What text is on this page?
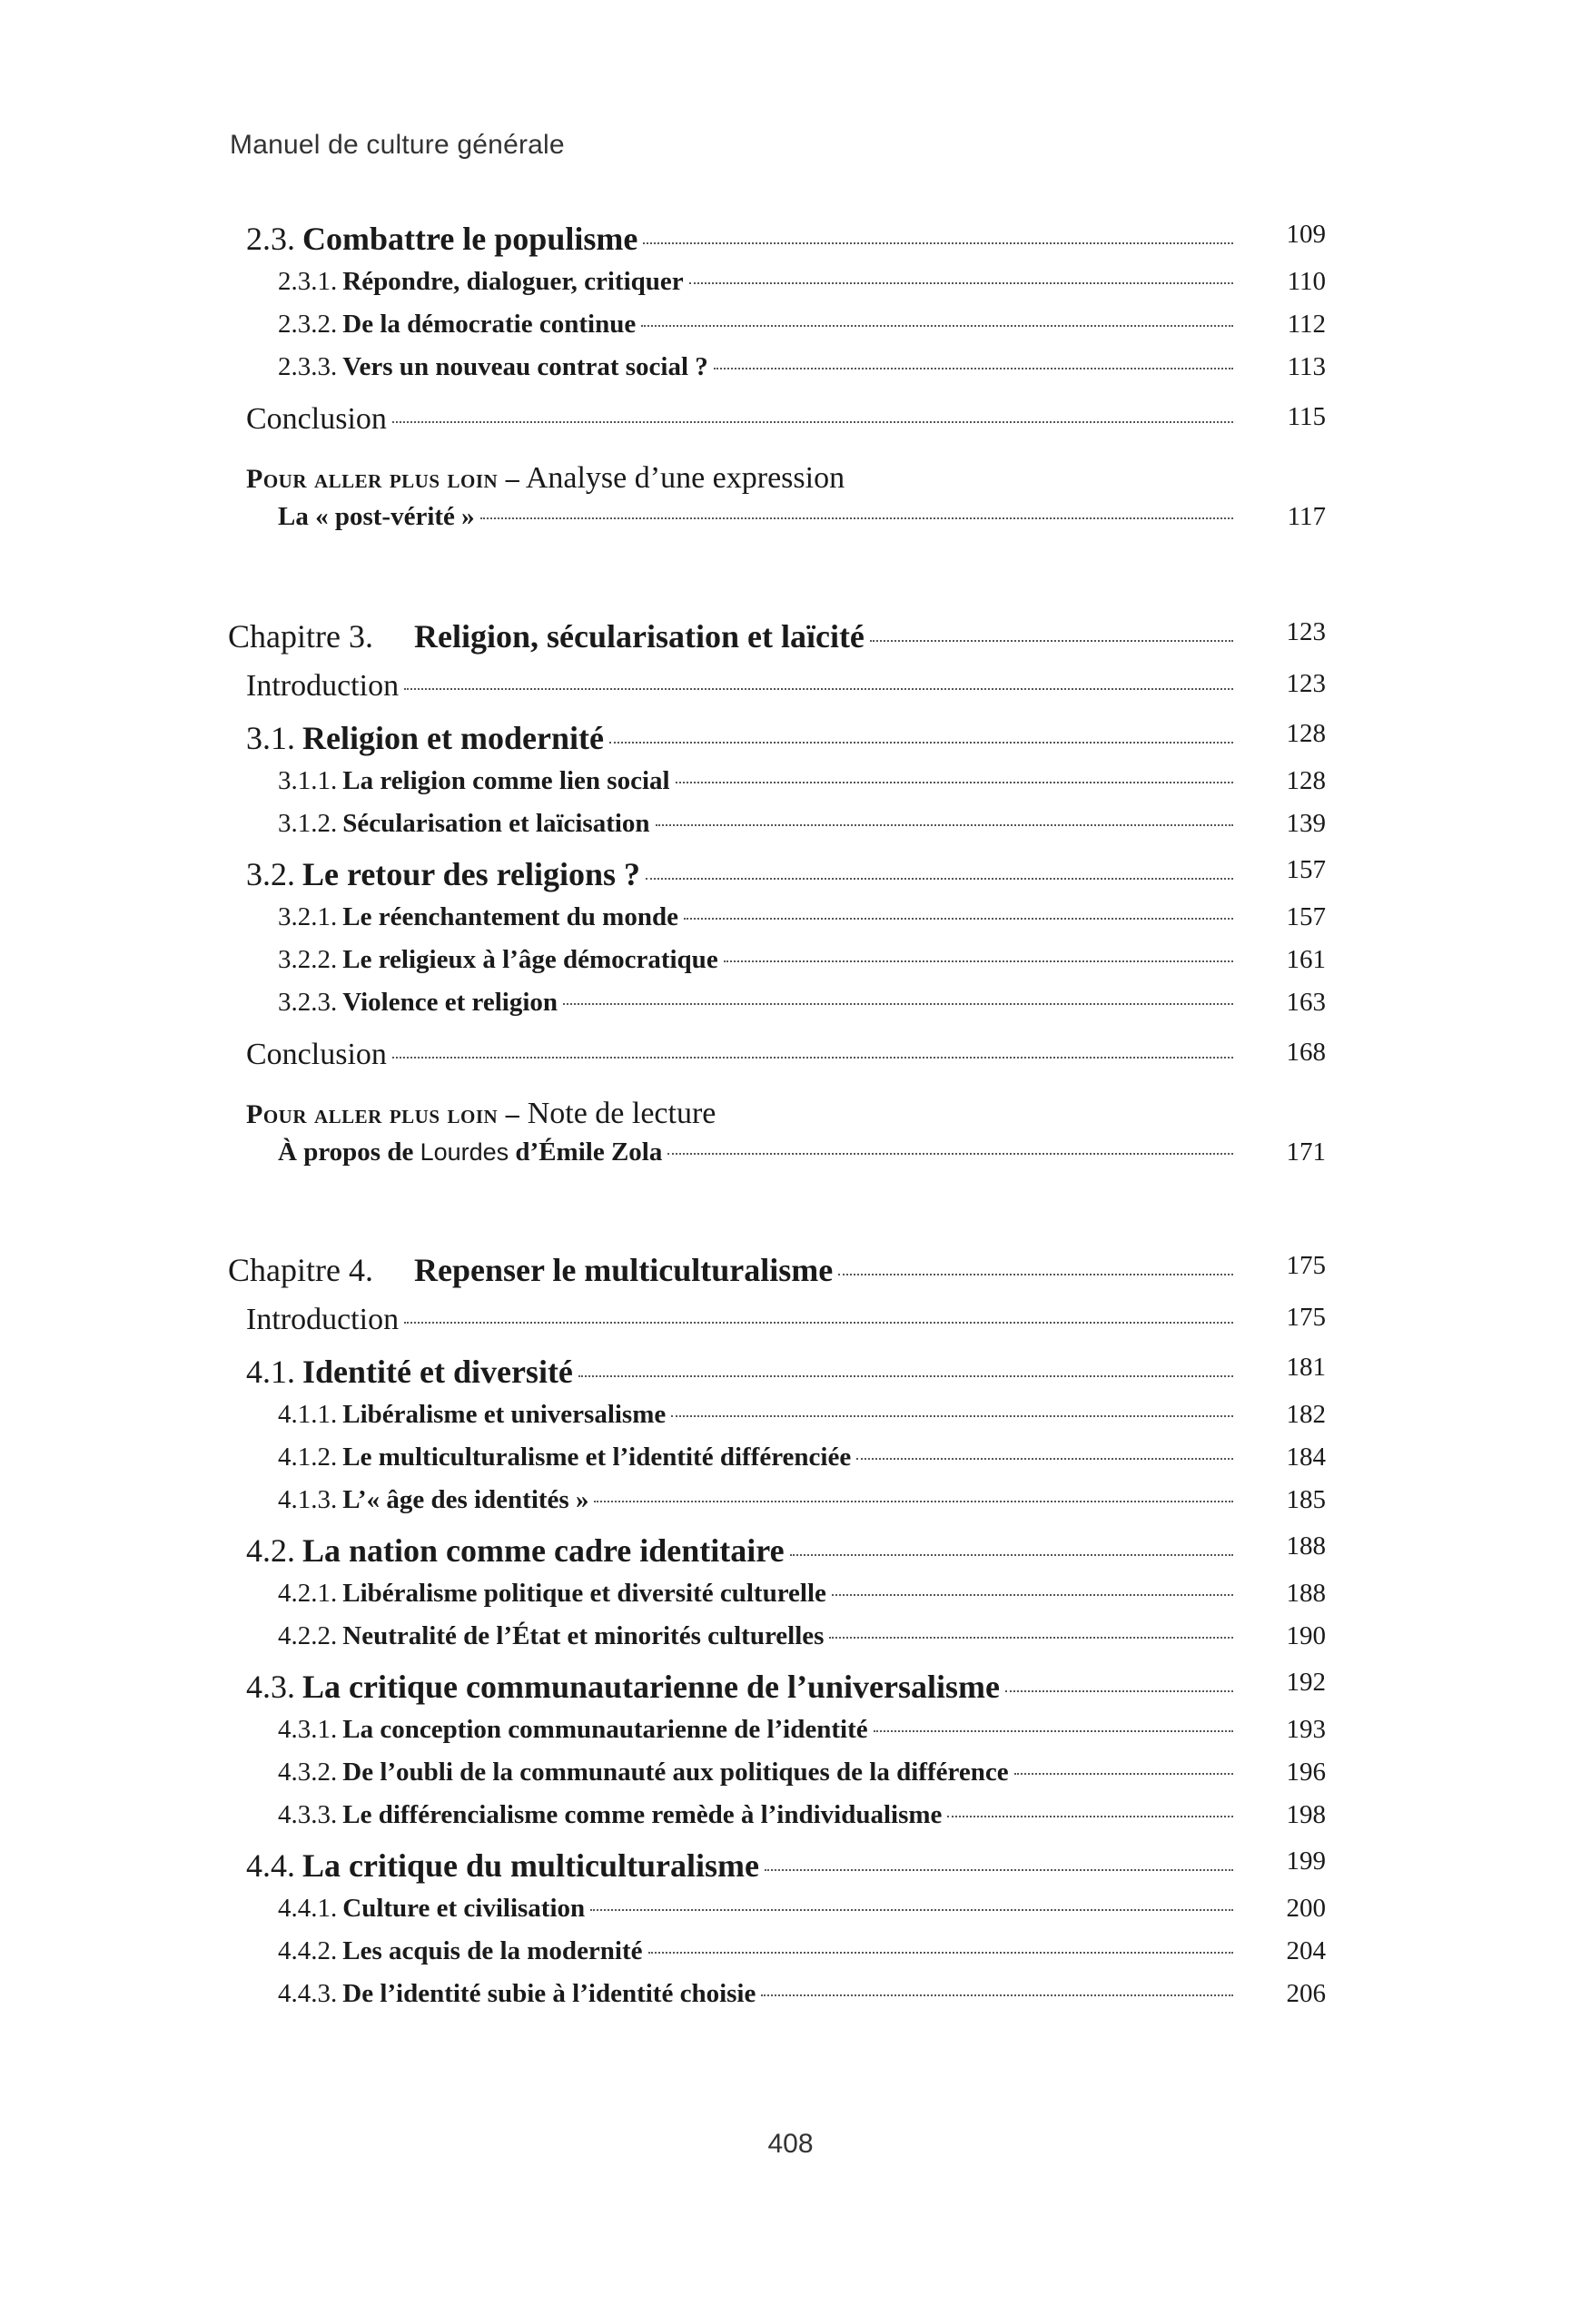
Manuel de culture générale
2.3. Combattre le populisme	109
2.3.1. Répondre, dialoguer, critiquer	110
2.3.2. De la démocratie continue	112
2.3.3. Vers un nouveau contrat social ?	113
Conclusion	115
Pour aller plus loin – Analyse d’une expression
La « post-vérité »	117
Chapitre 3.	Religion, sécularisation et laïcité	123
Introduction	123
3.1. Religion et modernité	128
3.1.1. La religion comme lien social	128
3.1.2. Sécularisation et laïcisation	139
3.2. Le retour des religions ?	157
3.2.1. Le réenchantement du monde	157
3.2.2. Le religieux à l’âge démocratique	161
3.2.3. Violence et religion	163
Conclusion	168
Pour aller plus loin – Note de lecture
À propos de Lourdes d’Émile Zola	171
Chapitre 4.	Repenser le multiculturalisme	175
Introduction	175
4.1. Identité et diversité	181
4.1.1. Libéralisme et universalisme	182
4.1.2. Le multiculturalisme et l’identité différenciée	184
4.1.3. L’« âge des identités »	185
4.2. La nation comme cadre identitaire	188
4.2.1. Libéralisme politique et diversité culturelle	188
4.2.2. Neutralité de l’État et minorités culturelles	190
4.3. La critique communautarienne de l’universalisme	192
4.3.1. La conception communautarienne de l’identité	193
4.3.2. De l’oubli de la communauté aux politiques de la différence	196
4.3.3. Le différencialisme comme remède à l’individualisme	198
4.4. La critique du multiculturalisme	199
4.4.1. Culture et civilisation	200
4.4.2. Les acquis de la modernité	204
4.4.3. De l’identité subie à l’identité choisie	206
408
